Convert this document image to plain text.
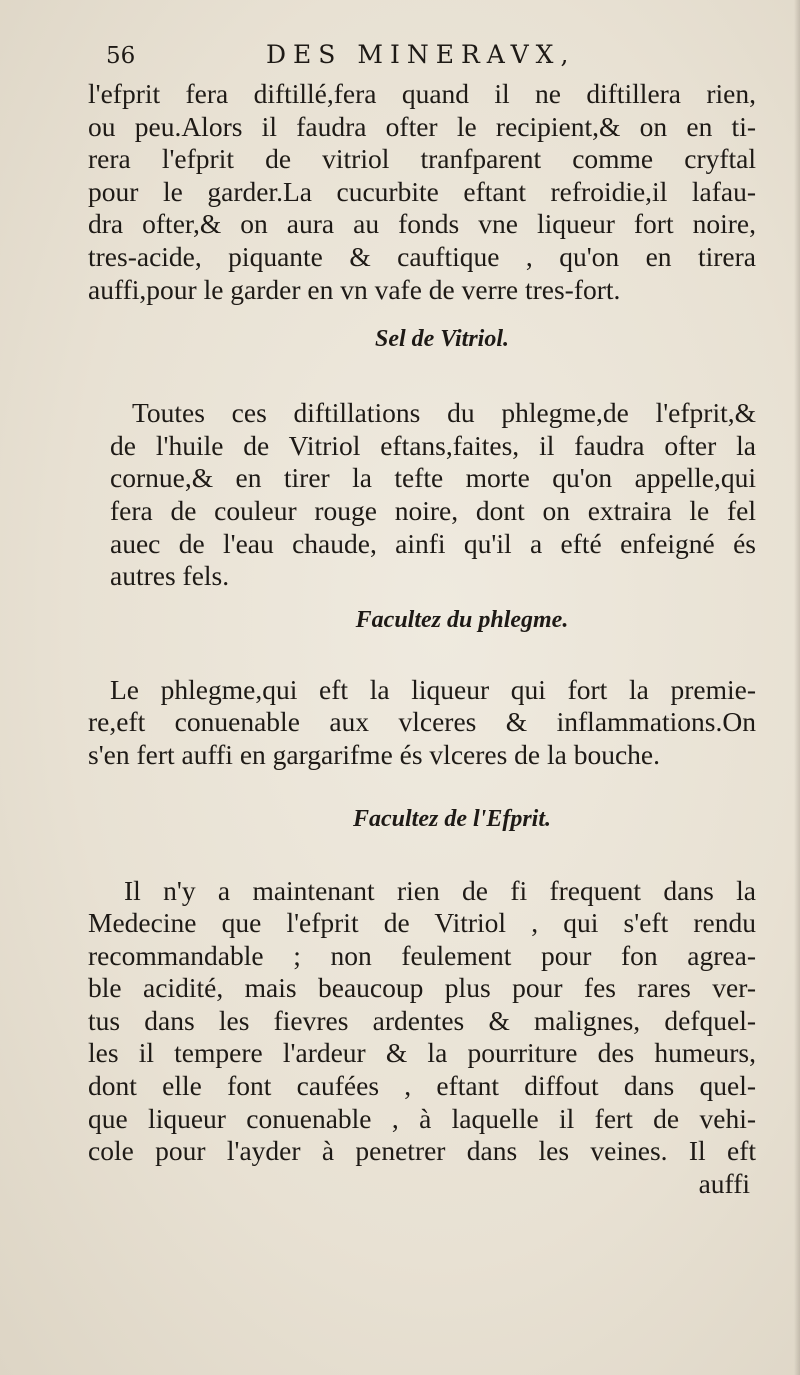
56	DES MINERAVX,
l'efprit fera diftillé,fera quand il ne diftillera rien,
ou peu.Alors il faudra ofter le recipient,& on en ti-
rera l'efprit de vitriol tranfparent comme cryftal
pour le garder.La cucurbite eftant refroidie,il lafau-
dra ofter,& on aura au fonds vne liqueur fort noire,
tres-acide, piquante & cauftique , qu'on en tirera
auffi,pour le garder en vn vafe de verre tres-fort.

Sel de Vitriol.

Toutes ces diftillations du phlegme,de l'efprit,&
de l'huile de Vitriol eftans,faites, il faudra ofter la
cornue,& en tirer la tefte morte qu'on appelle,qui
fera de couleur rouge noire, dont on extraira le fel
auec de l'eau chaude, ainfi qu'il a efté enfeigné és
autres fels.

Facultez du phlegme.

Le phlegme,qui eft la liqueur qui fort la premie-
re,eft conuenable aux vlceres & inflammations.On
s'en fert auffi en gargarifme és vlceres de la bouche.

Facultez de l'Efprit.

Il n'y a maintenant rien de fi frequent dans la
Medecine que l'efprit de Vitriol , qui s'eft rendu
recommandable ; non feulement pour fon agrea-
ble acidité, mais beaucoup plus pour fes rares ver-
tus dans les fievres ardentes & malignes, defquel-
les il tempere l'ardeur & la pourriture des humeurs,
dont elle font caufées , eftant diffout dans quel-
que liqueur conuenable , à laquelle il fert de vehi-
cole pour l'ayder à penetrer dans les veines. Il eft
auffi
